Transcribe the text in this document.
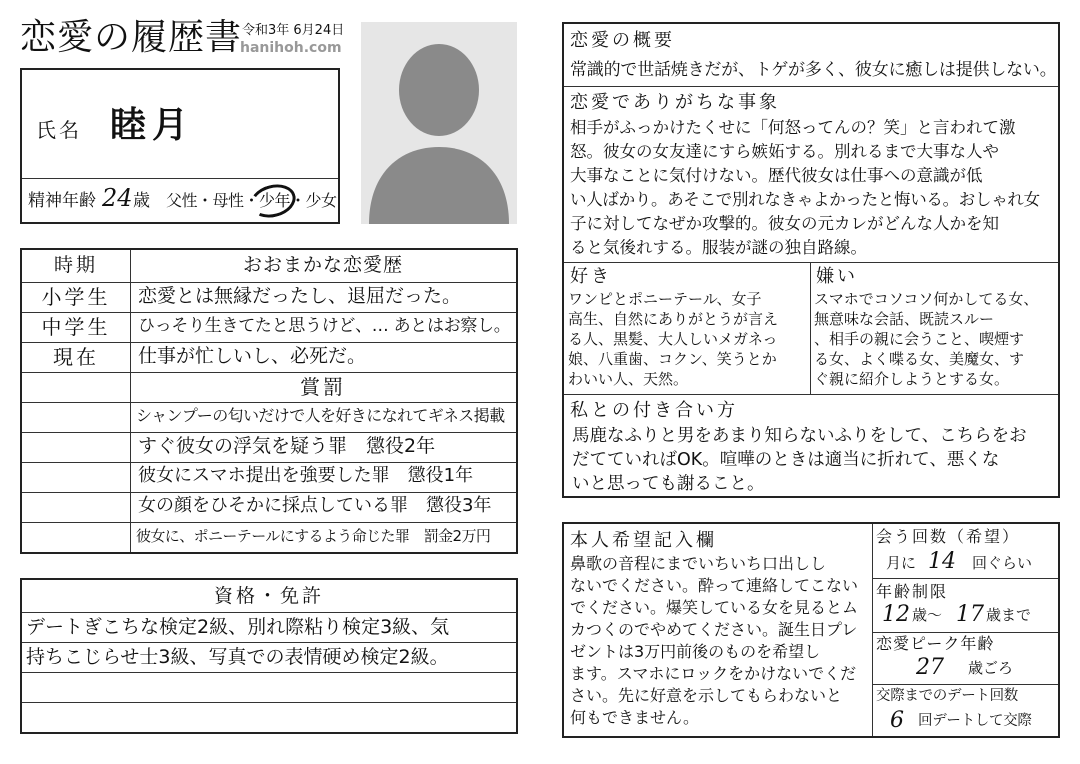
恋愛の履歴書 令和3年 6月24日
hanihoh.com
氏名 睦月
精神年齢 24 歳 父性・母性・少年・少女
時期	おおまかな恋愛歴
小学生	恋愛とは無縁だったし、退屈だった。
中学生	ひっそり生きてたと思うけど、… あとはお察し。
現在	仕事が忙しいし、必死だ。
賞罰
シャンプーの匂いだけで人を好きになれてギネス掲載
すぐ彼女の浮気を疑う罪　懲役2年
彼女にスマホ提出を強要した罪　懲役1年
女の顔をひそかに採点している罪　懲役3年
彼女に、ポニーテールにするよう命じた罪　罰金2万円
資格・免許
デートぎこちな検定2級、別れ際粘り検定3級、気
持ちこじらせ士3級、写真での表情硬め検定2級。
恋愛の概要
常識的で世話焼きだが、トゲが多く、彼女に癒しは提供しない。
恋愛でありがちな事象
相手がふっかけたくせに「何怒ってんの？笑」と言われて激
怒。彼女の女友達にすら嫉妬する。別れるまで大事な人や
大事なことに気付けない。歴代彼女は仕事への意識が低
い人ばかり。あそこで別れなきゃよかったと悔いる。おしゃれ女
子に対してなぜか攻撃的。彼女の元カレがどんな人かを知
ると気後れする。服装が謎の独自路線。
好き
ワンピとポニーテール、女子
高生、自然にありがとうが言え
る人、黒髪、大人しいメガネっ
娘、八重歯、コクン、笑うとか
わいい人、天然。
嫌い
スマホでコソコソ何かしてる女、
無意味な会話、既読スルー
、相手の親に会うこと、喫煙す
る女、よく喋る女、美魔女、す
ぐ親に紹介しようとする女。
私との付き合い方
馬鹿なふりと男をあまり知らないふりをして、こちらをお
だてていればOK。喧嘩のときは適当に折れて、悪くな
いと思っても謝ること。
本人希望記入欄
鼻歌の音程にまでいちいち口出しし
ないでください。酔って連絡してこない
でください。爆笑している女を見るとム
カつくのでやめてください。誕生日プレ
ゼントは3万円前後のものを希望し
ます。スマホにロックをかけないでくだ
さい。先に好意を示してもらわないと
何もできません。
会う回数（希望）
月に 14 回ぐらい
年齢制限
12 歳〜 17 歳まで
恋愛ピーク年齢
27 歳ごろ
交際までのデート回数
6 回デートして交際
